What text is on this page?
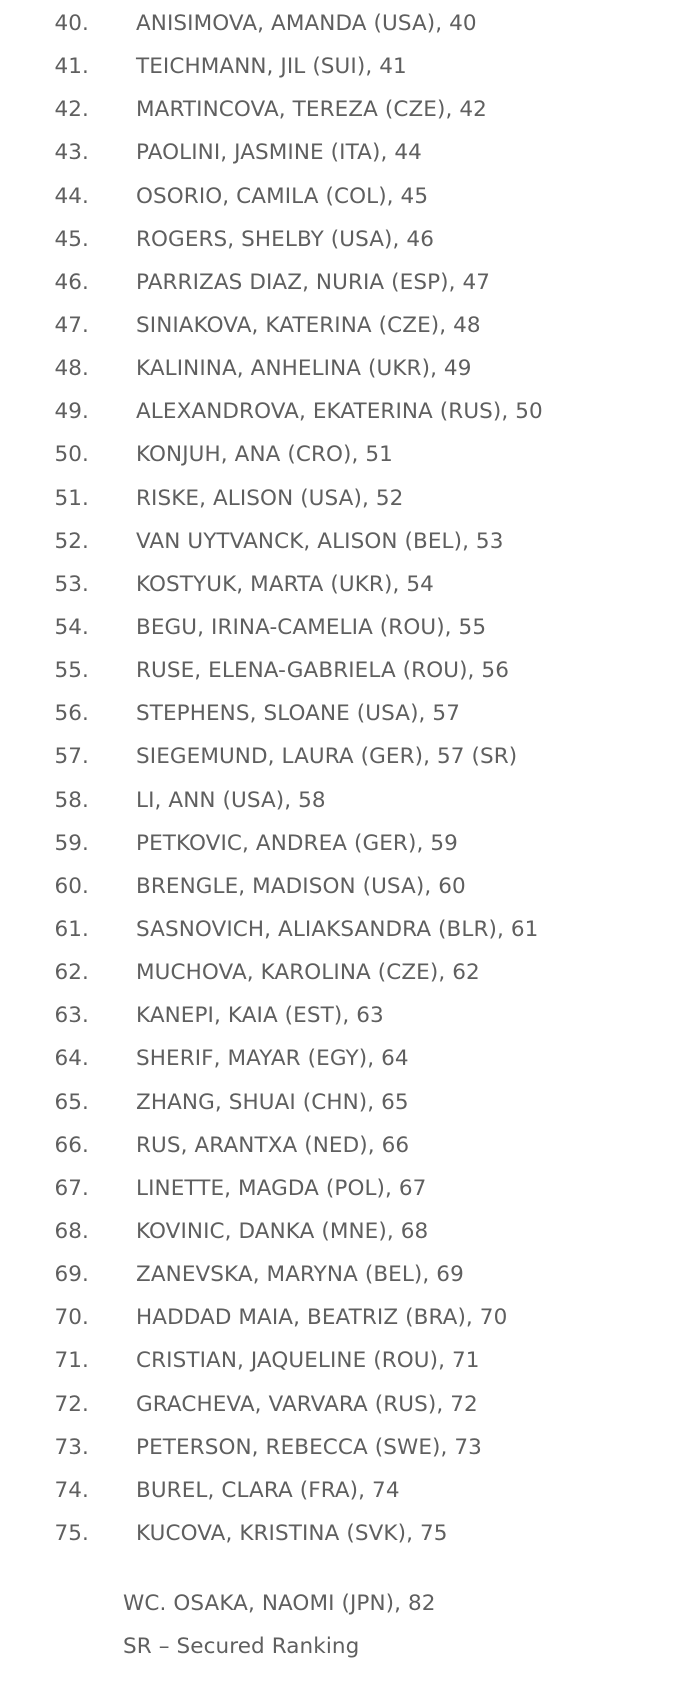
40.	ANISIMOVA, AMANDA (USA), 40
41.	TEICHMANN, JIL (SUI), 41
42.	MARTINCOVA, TEREZA (CZE), 42
43.	PAOLINI, JASMINE (ITA), 44
44.	OSORIO, CAMILA (COL), 45
45.	ROGERS, SHELBY (USA), 46
46.	PARRIZAS DIAZ, NURIA (ESP), 47
47.	SINIAKOVA, KATERINA (CZE), 48
48.	KALININA, ANHELINA (UKR), 49
49.	ALEXANDROVA, EKATERINA (RUS), 50
50.	KONJUH, ANA (CRO), 51
51.	RISKE, ALISON (USA), 52
52.	VAN UYTVANCK, ALISON (BEL), 53
53.	KOSTYUK, MARTA (UKR), 54
54.	BEGU, IRINA-CAMELIA (ROU), 55
55.	RUSE, ELENA-GABRIELA (ROU), 56
56.	STEPHENS, SLOANE (USA), 57
57.	SIEGEMUND, LAURA (GER), 57 (SR)
58.	LI, ANN (USA), 58
59.	PETKOVIC, ANDREA (GER), 59
60.	BRENGLE, MADISON (USA), 60
61.	SASNOVICH, ALIAKSANDRA (BLR), 61
62.	MUCHOVA, KAROLINA (CZE), 62
63.	KANEPI, KAIA (EST), 63
64.	SHERIF, MAYAR (EGY), 64
65.	ZHANG, SHUAI (CHN), 65
66.	RUS, ARANTXA (NED), 66
67.	LINETTE, MAGDA (POL), 67
68.	KOVINIC, DANKA (MNE), 68
69.	ZANEVSKA, MARYNA (BEL), 69
70.	HADDAD MAIA, BEATRIZ (BRA), 70
71.	CRISTIAN, JAQUELINE (ROU), 71
72.	GRACHEVA, VARVARA (RUS), 72
73.	PETERSON, REBECCA (SWE), 73
74.	BUREL, CLARA (FRA), 74
75.	KUCOVA, KRISTINA (SVK), 75
WC. OSAKA, NAOMI (JPN), 82
SR – Secured Ranking
